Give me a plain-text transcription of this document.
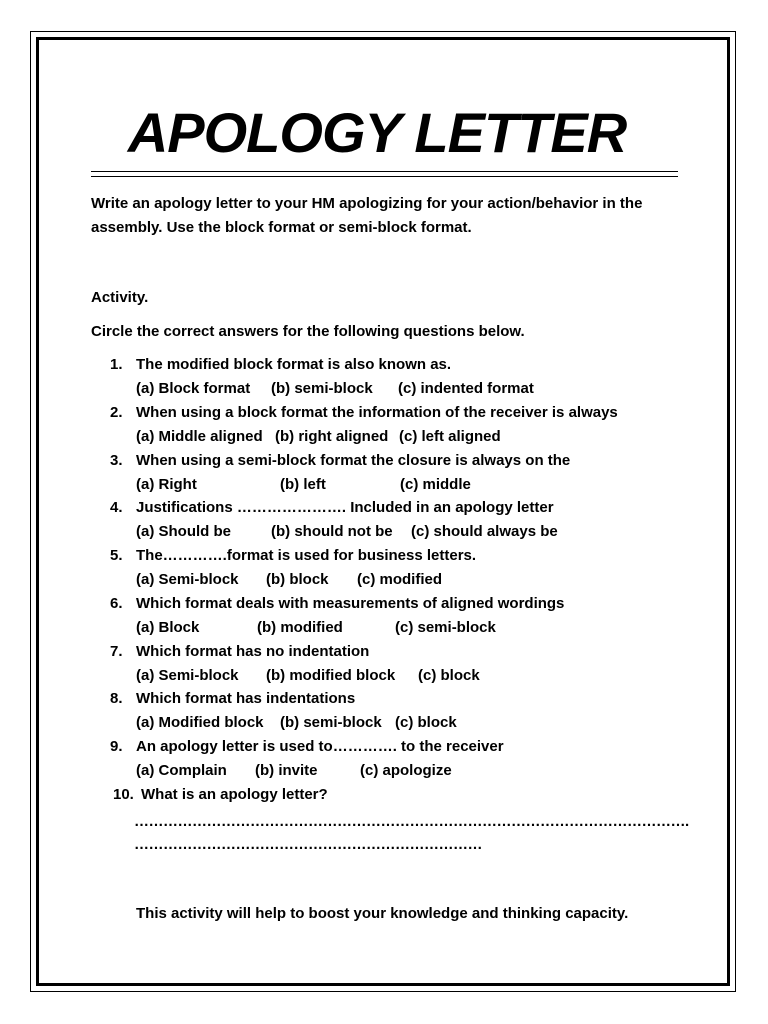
APOLOGY LETTER
Write an apology letter to your HM apologizing for your action/behavior in the assembly. Use the block format or semi-block format.
Activity.
Circle the correct answers for the following questions below.
1. The modified block format is also known as.
(a) Block format (b) semi-block (c) indented format
2. When using a block format the information of the receiver is always
(a) Middle aligned (b) right aligned (c) left aligned
3. When using a semi-block format the closure is always on the
(a) Right	(b) left	(c) middle
4. Justifications …………………. Included in an apology letter
(a) Should be	(b) should not be (c) should always be
5. The………….format is used for business letters.
(a) Semi-block (b) block (c) modified
6. Which format deals with measurements of aligned wordings
(a) Block	(b) modified	(c) semi-block
7. Which format has no indentation
(a) Semi-block (b) modified block (c) block
8. Which format has indentations
(a) Modified block (b) semi-block (c) block
9. An apology letter is used to…………. to the receiver
(a) Complain (b) invite	(c) apologize
10. What is an apology letter?
…………………………………………………………………………………………………….
………………………………………………………………
This activity will help to boost your knowledge and thinking capacity.
